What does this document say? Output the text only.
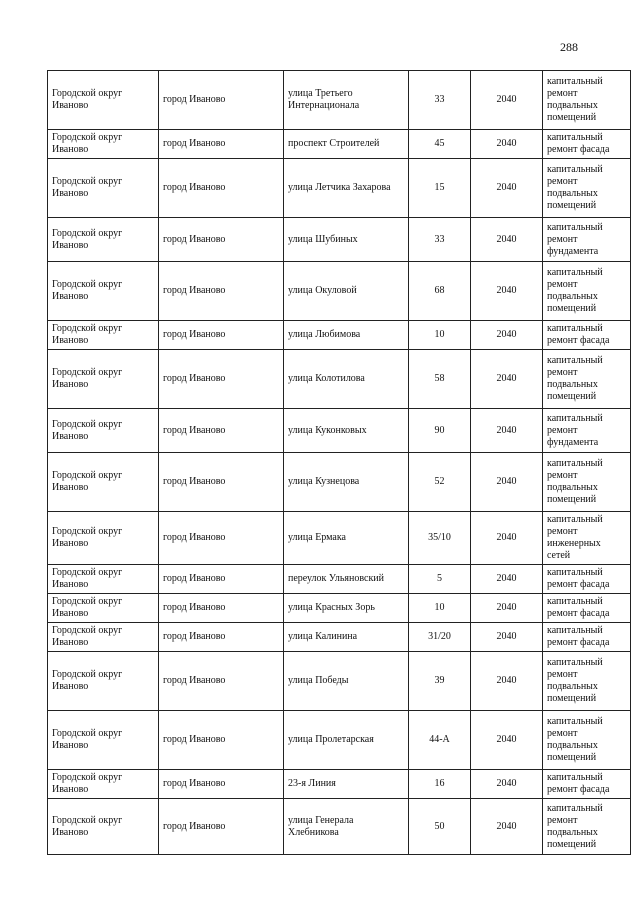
288
Городской округ Иваново	город Иваново	улица Третьего Интернационала	33	2040	капитальный ремонт подвальных помещений
Городской округ Иваново	город Иваново	проспект Строителей	45	2040	капитальный ремонт фасада
Городской округ Иваново	город Иваново	улица Летчика Захарова	15	2040	капитальный ремонт подвальных помещений
Городской округ Иваново	город Иваново	улица Шубиных	33	2040	капитальный ремонт фундамента
Городской округ Иваново	город Иваново	улица Окуловой	68	2040	капитальный ремонт подвальных помещений
Городской округ Иваново	город Иваново	улица Любимова	10	2040	капитальный ремонт фасада
Городской округ Иваново	город Иваново	улица Колотилова	58	2040	капитальный ремонт подвальных помещений
Городской округ Иваново	город Иваново	улица Куконковых	90	2040	капитальный ремонт фундамента
Городской округ Иваново	город Иваново	улица Кузнецова	52	2040	капитальный ремонт подвальных помещений
Городской округ Иваново	город Иваново	улица Ермака	35/10	2040	капитальный ремонт инженерных сетей
Городской округ Иваново	город Иваново	переулок Ульяновский	5	2040	капитальный ремонт фасада
Городской округ Иваново	город Иваново	улица Красных Зорь	10	2040	капитальный ремонт фасада
Городской округ Иваново	город Иваново	улица Калинина	31/20	2040	капитальный ремонт фасада
Городской округ Иваново	город Иваново	улица Победы	39	2040	капитальный ремонт подвальных помещений
Городской округ Иваново	город Иваново	улица Пролетарская	44-А	2040	капитальный ремонт подвальных помещений
Городской округ Иваново	город Иваново	23-я Линия	16	2040	капитальный ремонт фасада
Городской округ Иваново	город Иваново	улица Генерала Хлебникова	50	2040	капитальный ремонт подвальных помещений
